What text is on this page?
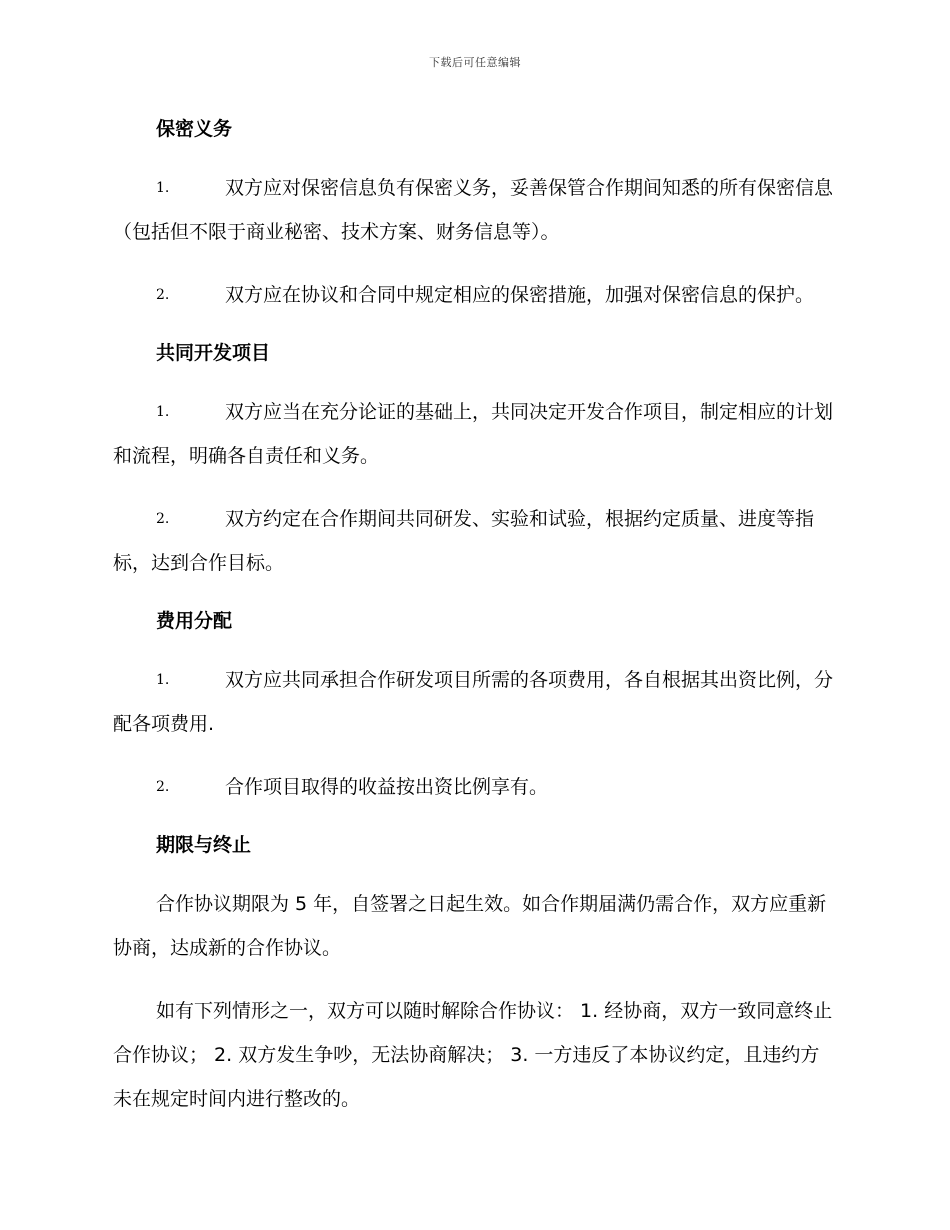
下载后可任意编辑
保密义务

1.	双方应对保密信息负有保密义务，妥善保管合作期间知悉的所有保密信息（包括但不限于商业秘密、技术方案、财务信息等）。

2.	双方应在协议和合同中规定相应的保密措施，加强对保密信息的保护。

共同开发项目

1.	双方应当在充分论证的基础上，共同决定开发合作项目，制定相应的计划和流程，明确各自责任和义务。

2.	双方约定在合作期间共同研发、实验和试验，根据约定质量、进度等指标，达到合作目标。

费用分配

1.	双方应共同承担合作研发项目所需的各项费用，各自根据其出资比例，分配各项费用.

2.	合作项目取得的收益按出资比例享有。

期限与终止

合作协议期限为 5 年，自签署之日起生效。如合作期届满仍需合作，双方应重新协商，达成新的合作协议。

如有下列情形之一，双方可以随时解除合作协议： 1. 经协商，双方一致同意终止合作协议； 2. 双方发生争吵，无法协商解决； 3. 一方违反了本协议约定，且违约方未在规定时间内进行整改的。
